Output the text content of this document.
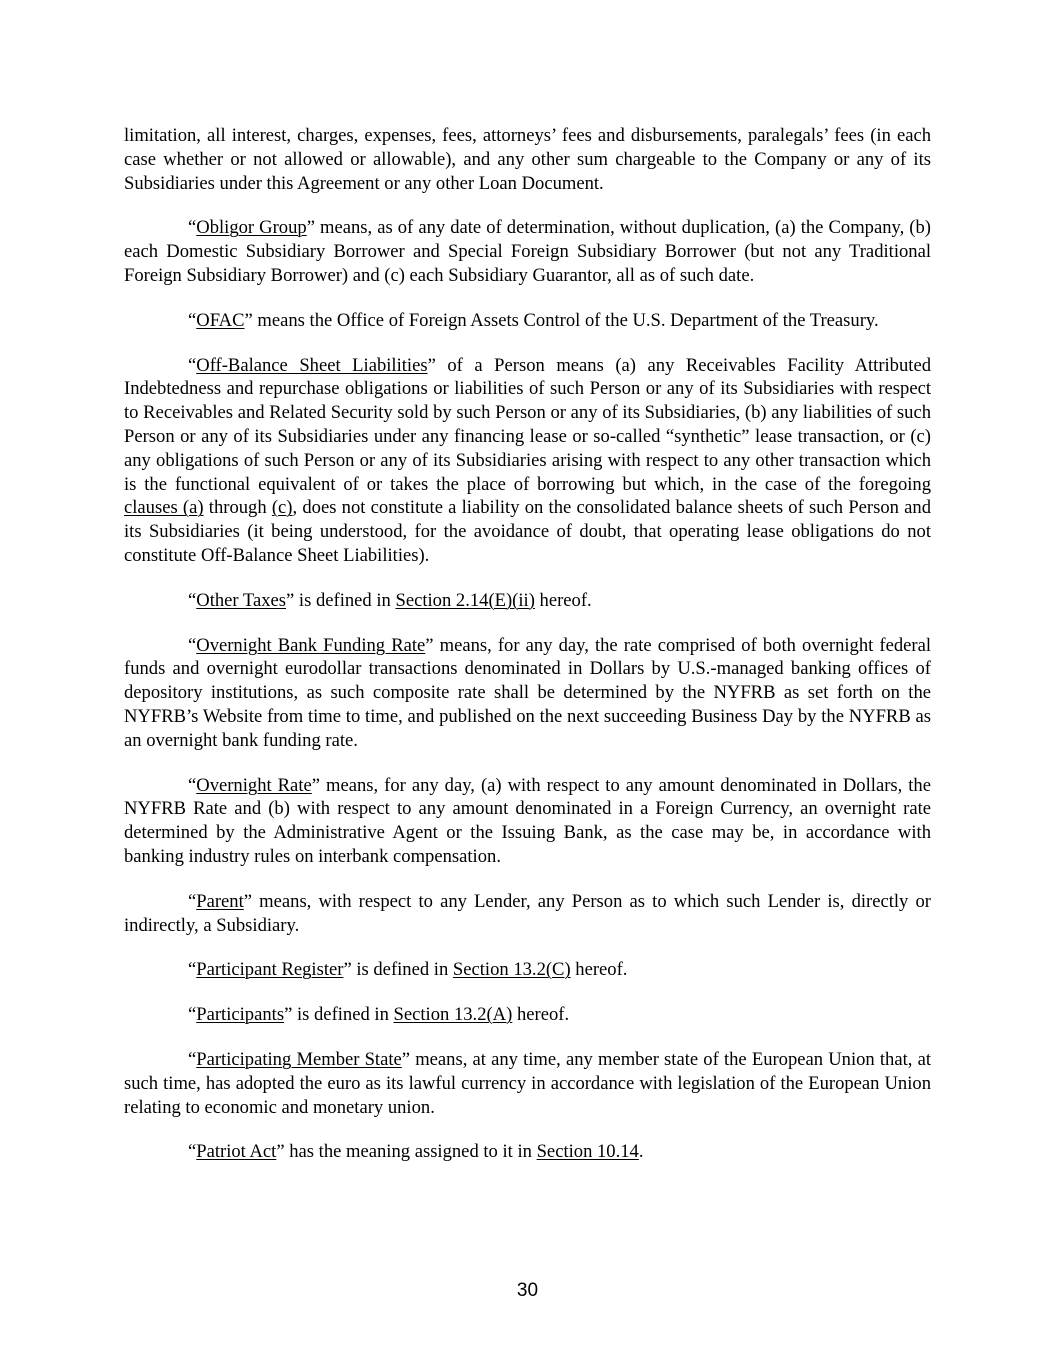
limitation, all interest, charges, expenses, fees, attorneys’ fees and disbursements, paralegals’ fees (in each case whether or not allowed or allowable), and any other sum chargeable to the Company or any of its Subsidiaries under this Agreement or any other Loan Document.

“Obligor Group” means, as of any date of determination, without duplication, (a) the Company, (b) each Domestic Subsidiary Borrower and Special Foreign Subsidiary Borrower (but not any Traditional Foreign Subsidiary Borrower) and (c) each Subsidiary Guarantor, all as of such date.

“OFAC” means the Office of Foreign Assets Control of the U.S. Department of the Treasury.

“Off-Balance Sheet Liabilities” of a Person means (a) any Receivables Facility Attributed Indebtedness and repurchase obligations or liabilities of such Person or any of its Subsidiaries with respect to Receivables and Related Security sold by such Person or any of its Subsidiaries, (b) any liabilities of such Person or any of its Subsidiaries under any financing lease or so-called “synthetic” lease transaction, or (c) any obligations of such Person or any of its Subsidiaries arising with respect to any other transaction which is the functional equivalent of or takes the place of borrowing but which, in the case of the foregoing clauses (a) through (c), does not constitute a liability on the consolidated balance sheets of such Person and its Subsidiaries (it being understood, for the avoidance of doubt, that operating lease obligations do not constitute Off-Balance Sheet Liabilities).

“Other Taxes” is defined in Section 2.14(E)(ii) hereof.

“Overnight Bank Funding Rate” means, for any day, the rate comprised of both overnight federal funds and overnight eurodollar transactions denominated in Dollars by U.S.-managed banking offices of depository institutions, as such composite rate shall be determined by the NYFRB as set forth on the NYFRB’s Website from time to time, and published on the next succeeding Business Day by the NYFRB as an overnight bank funding rate.

“Overnight Rate” means, for any day, (a) with respect to any amount denominated in Dollars, the NYFRB Rate and (b) with respect to any amount denominated in a Foreign Currency, an overnight rate determined by the Administrative Agent or the Issuing Bank, as the case may be, in accordance with banking industry rules on interbank compensation.

“Parent” means, with respect to any Lender, any Person as to which such Lender is, directly or indirectly, a Subsidiary.

“Participant Register” is defined in Section 13.2(C) hereof.

“Participants” is defined in Section 13.2(A) hereof.

“Participating Member State” means, at any time, any member state of the European Union that, at such time, has adopted the euro as its lawful currency in accordance with legislation of the European Union relating to economic and monetary union.

“Patriot Act” has the meaning assigned to it in Section 10.14.

30
